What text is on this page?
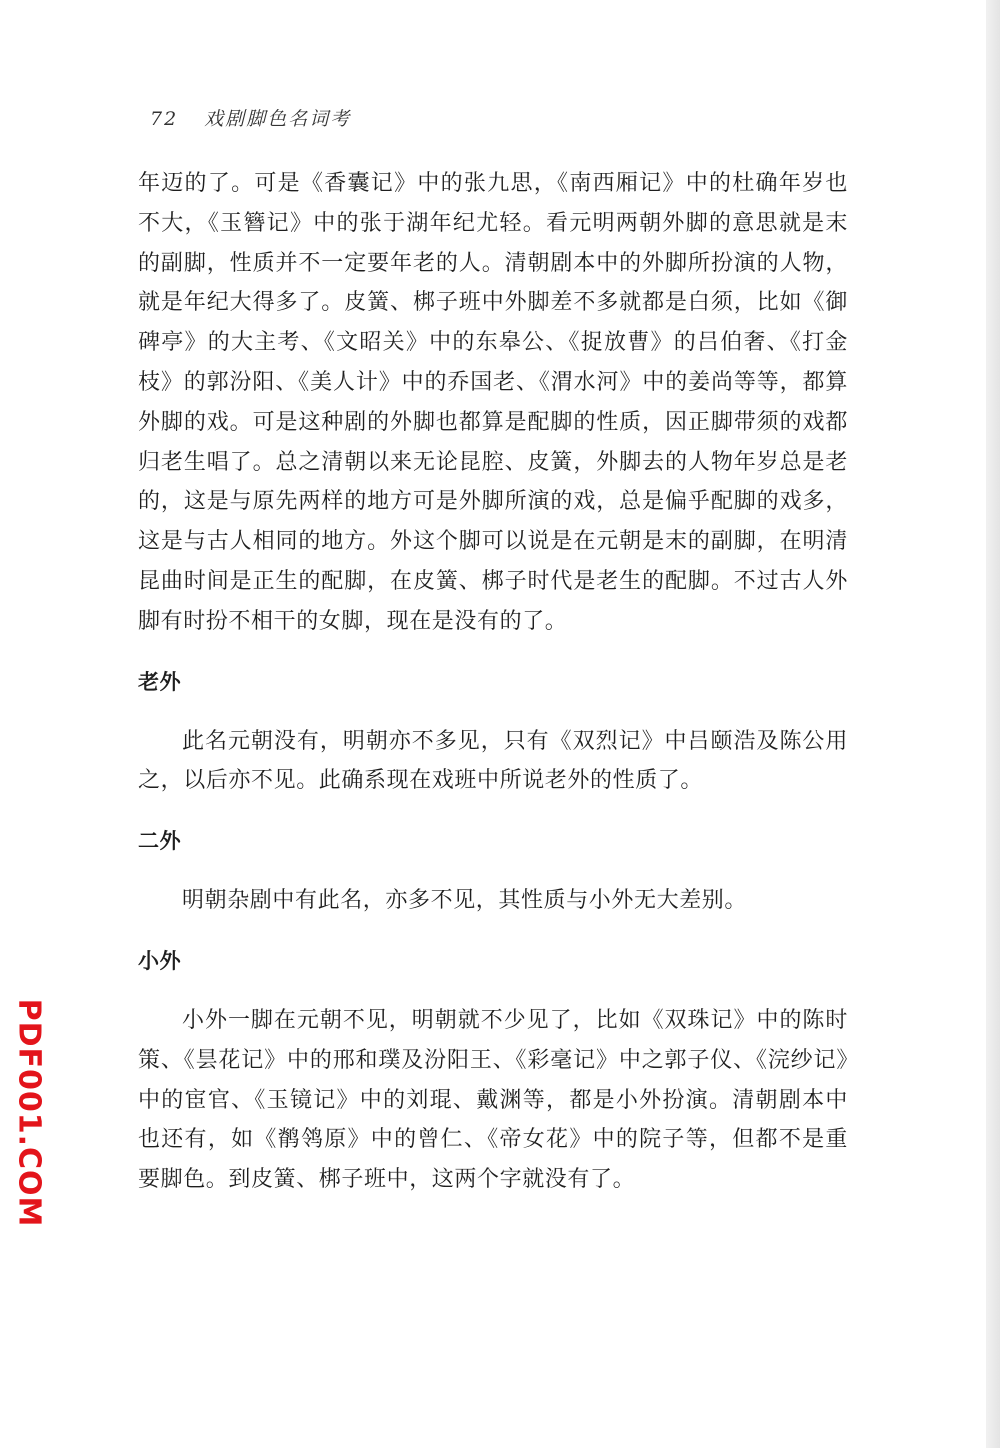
72 戏剧脚色名词考

年迈的了。可是《香囊记》中的张九思，《南西厢记》中的杜确年岁也不大，《玉簪记》中的张于湖年纪尤轻。看元明两朝外脚的意思就是末的副脚，性质并不一定要年老的人。清朝剧本中的外脚所扮演的人物，就是年纪大得多了。皮簧、梆子班中外脚差不多就都是白须，比如《御碑亭》的大主考、《文昭关》中的东皋公、《捉放曹》的吕伯奢、《打金枝》的郭汾阳、《美人计》中的乔国老、《渭水河》中的姜尚等等，都算外脚的戏。可是这种剧的外脚也都算是配脚的性质，因正脚带须的戏都归老生唱了。总之清朝以来无论昆腔、皮簧，外脚去的人物年岁总是老的，这是与原先两样的地方可是外脚所演的戏，总是偏乎配脚的戏多，这是与古人相同的地方。外这个脚可以说是在元朝是末的副脚，在明清昆曲时间是正生的配脚，在皮簧、梆子时代是老生的配脚。不过古人外脚有时扮不相干的女脚，现在是没有的了。

老外

此名元朝没有，明朝亦不多见，只有《双烈记》中吕颐浩及陈公用之，以后亦不见。此确系现在戏班中所说老外的性质了。

二外

明朝杂剧中有此名，亦多不见，其性质与小外无大差别。

小外

小外一脚在元朝不见，明朝就不少见了，比如《双珠记》中的陈时策、《昙花记》中的邢和璞及汾阳王、《彩毫记》中之郭子仪、《浣纱记》中的宦官、《玉镜记》中的刘琨、戴渊等，都是小外扮演。清朝剧本中也还有，如《鹡鸰原》中的曾仁、《帝女花》中的院子等，但都不是重要脚色。到皮簧、梆子班中，这两个字就没有了。

PDF001.COM
